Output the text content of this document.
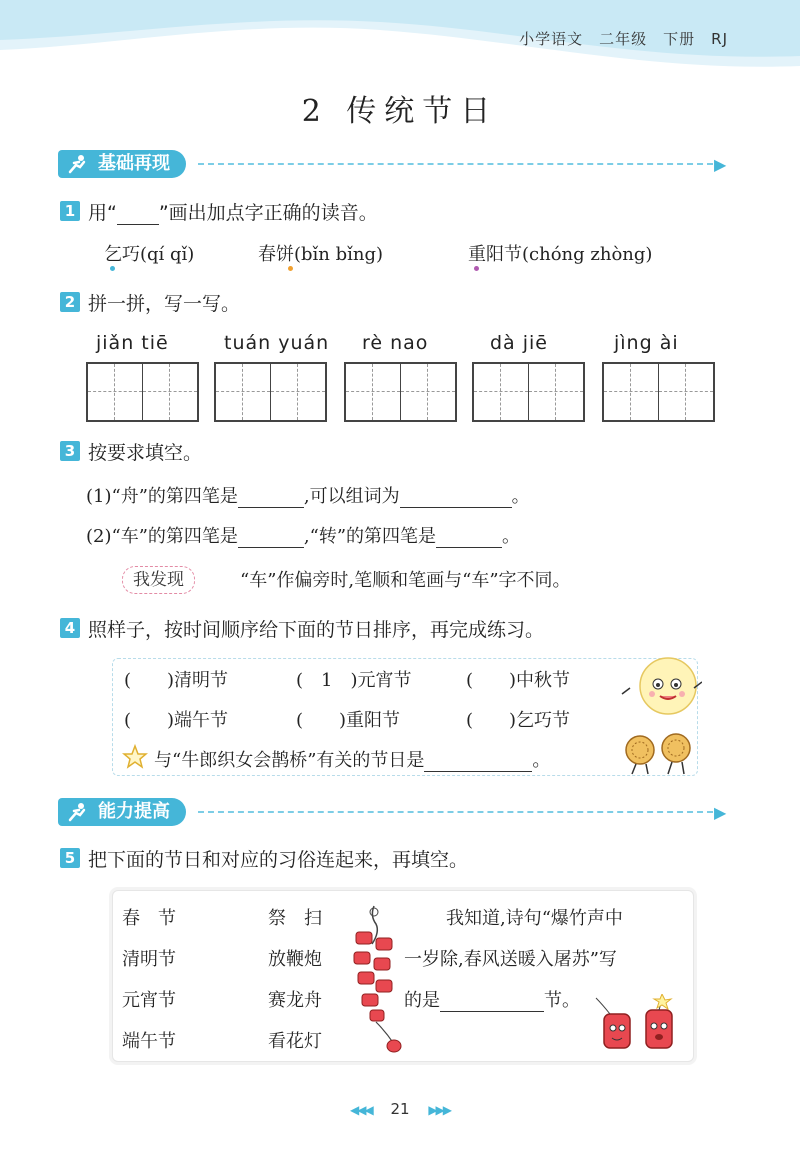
小学语文　二年级　下册　RJ
2 传统节日
基础再现	▶
1 用“ ”画出加点字正确的读音。
乞巧(qí qǐ)	春饼(bǐn bǐng)	重阳节(chóng zhòng)
2 拼一拼，写一写。
jiǎn tiē	tuán yuán rè nao	dà jiē	jìng ài
3 按要求填空。
(1)“舟”的第四笔是	,可以组词为	。
(2)“车”的第四笔是	,“转”的第四笔是	。
我发现	“车”作偏旁时,笔顺和笔画与“车”字不同。
4 照样子，按时间顺序给下面的节日排序，再完成练习。
(　　)清明节	(　1　)元宵节	(　　)中秋节
(　　)端午节	(　　)重阳节	(　　)乞巧节
与“牛郎织女会鹊桥”有关的节日是	。
能力提高	▶
5 把下面的节日和对应的习俗连起来，再填空。
春　节
清明节
元宵节
端午节
祭　扫
放鞭炮
赛龙舟
看花灯
我知道,诗句“爆竹声中
一岁除,春风送暖入屠苏”写
的是	节。
◀◀◀ 21 ▶▶▶
